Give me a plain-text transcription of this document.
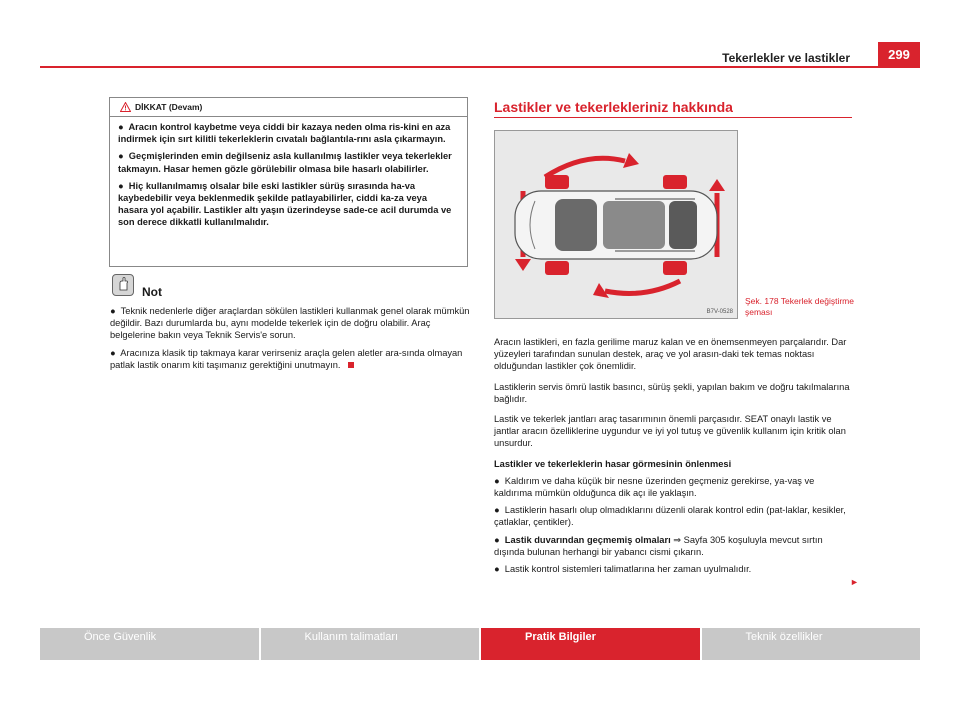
Tekerlekler ve lastikler	299
DİKKAT (Devam)

●  Aracın kontrol kaybetme veya ciddi bir kazaya neden olma ris-kini en aza indirmek için sırt kilitli tekerleklerin cıvatalı bağlantıla-rını asla çıkarmayın.

●  Geçmişlerinden emin değilseniz asla kullanılmış lastikler veya tekerlekler takmayın. Hasar hemen gözle görülebilir olmasa bile hasarlı olabilirler.

●  Hiç kullanılmamış olsalar bile eski lastikler sürüş sırasında ha-va kaybedebilir veya beklenmedik şekilde patlayabilirler, ciddi ka-za veya hasara yol açabilir. Lastikler altı yaşın üzerindeyse sade-ce acil durumda ve son derece dikkatli kullanılmalıdır.

Not

●  Teknik nedenlerle diğer araçlardan sökülen lastikleri kullanmak genel olarak mümkün değildir. Bazı durumlarda bu, aynı modelde tekerlek için de doğru olabilir. Araç belgelerine bakın veya Teknik Servis'e sorun.

●  Aracınıza klasik tip takmaya karar verirseniz araçla gelen aletler ara-sında olmayan patlak lastik onarım kiti taşımanız gerektiğini unutmayın.

Lastikler ve tekerlekleriniz hakkında
B7V-0528
Şek. 178 Tekerlek değiştirme şeması

Aracın lastikleri, en fazla gerilime maruz kalan ve en önemsenmeyen parçalarıdır. Dar yüzeyleri tarafından sunulan destek, araç ve yol arasın-daki tek temas noktası olduğundan lastikler çok önemlidir.

Lastiklerin servis ömrü lastik basıncı, sürüş şekli, yapılan bakım ve doğru takılmalarına bağlıdır.

Lastik ve tekerlek jantları araç tasarımının önemli parçasıdır. SEAT onaylı lastik ve jantlar aracın özelliklerine uygundur ve iyi yol tutuş ve güvenlik kullanım için kritik olan unsurdur.

Lastikler ve tekerleklerin hasar görmesinin önlenmesi

●  Kaldırım ve daha küçük bir nesne üzerinden geçmeniz gerekirse, ya-vaş ve kaldırıma mümkün olduğunca dik açı ile yaklaşın.

●  Lastiklerin hasarlı olup olmadıklarını düzenli olarak kontrol edin (pat-laklar, kesikler, çatlaklar, çentikler).

●  Lastik duvarından geçmemiş olmaları ⇒ Sayfa 305 koşuluyla mevcut sırtın dışında bulunan herhangi bir yabancı cismi çıkarın.

●  Lastik kontrol sistemleri talimatlarına her zaman uyulmalıdır.

►
Önce Güvenlik	Kullanım talimatları	Pratik Bilgiler	Teknik özellikler
